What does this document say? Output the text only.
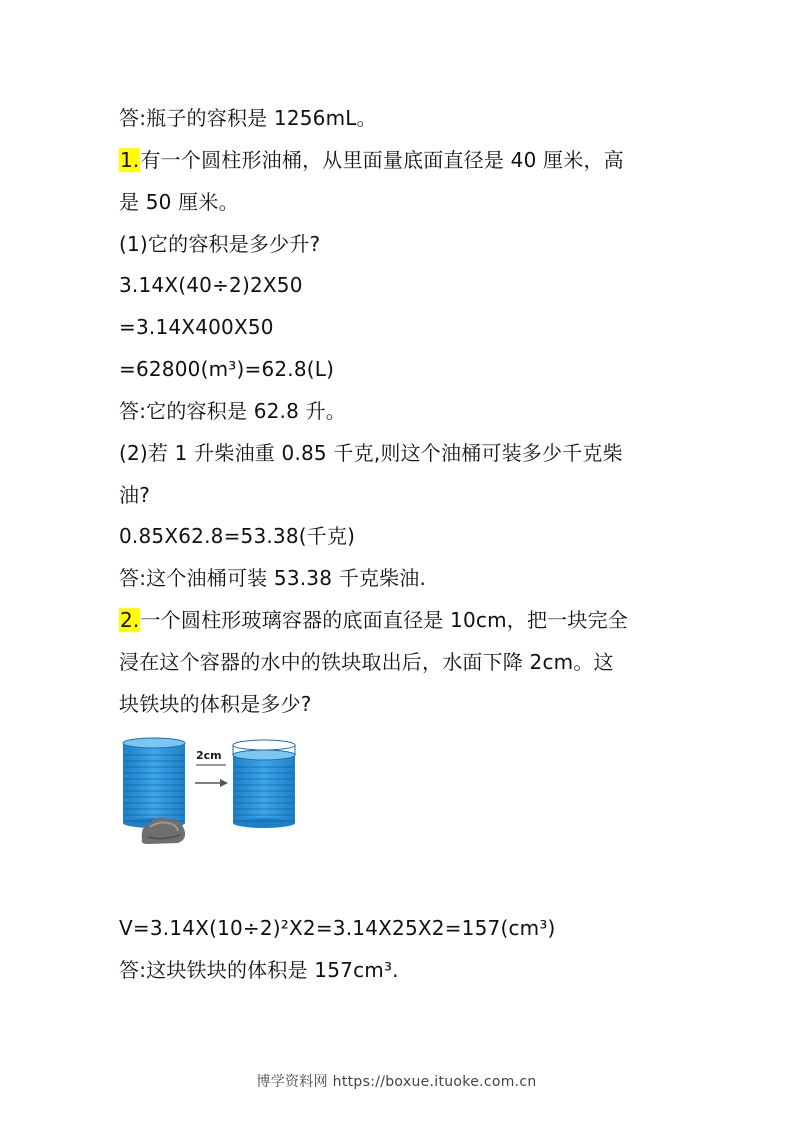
答:瓶子的容积是 1256mL。
1.有一个圆柱形油桶，从里面量底面直径是 40 厘米，高
是 50 厘米。
(1)它的容积是多少升?
3.14X(40÷2)2X50
=3.14X400X50
=62800(m³)=62.8(L)
答:它的容积是 62.8 升。
(2)若 1 升柴油重 0.85 千克,则这个油桶可装多少千克柴
油?
0.85X62.8=53.38(千克)
答:这个油桶可装 53.38 千克柴油.
2.一个圆柱形玻璃容器的底面直径是 10cm，把一块完全
浸在这个容器的水中的铁块取出后，水面下降 2cm。这
块铁块的体积是多少?
2cm
V=3.14X(10÷2)²X2=3.14X25X2=157(cm³)
答:这块铁块的体积是 157cm³.
博学资料网 https://boxue.ituoke.com.cn
